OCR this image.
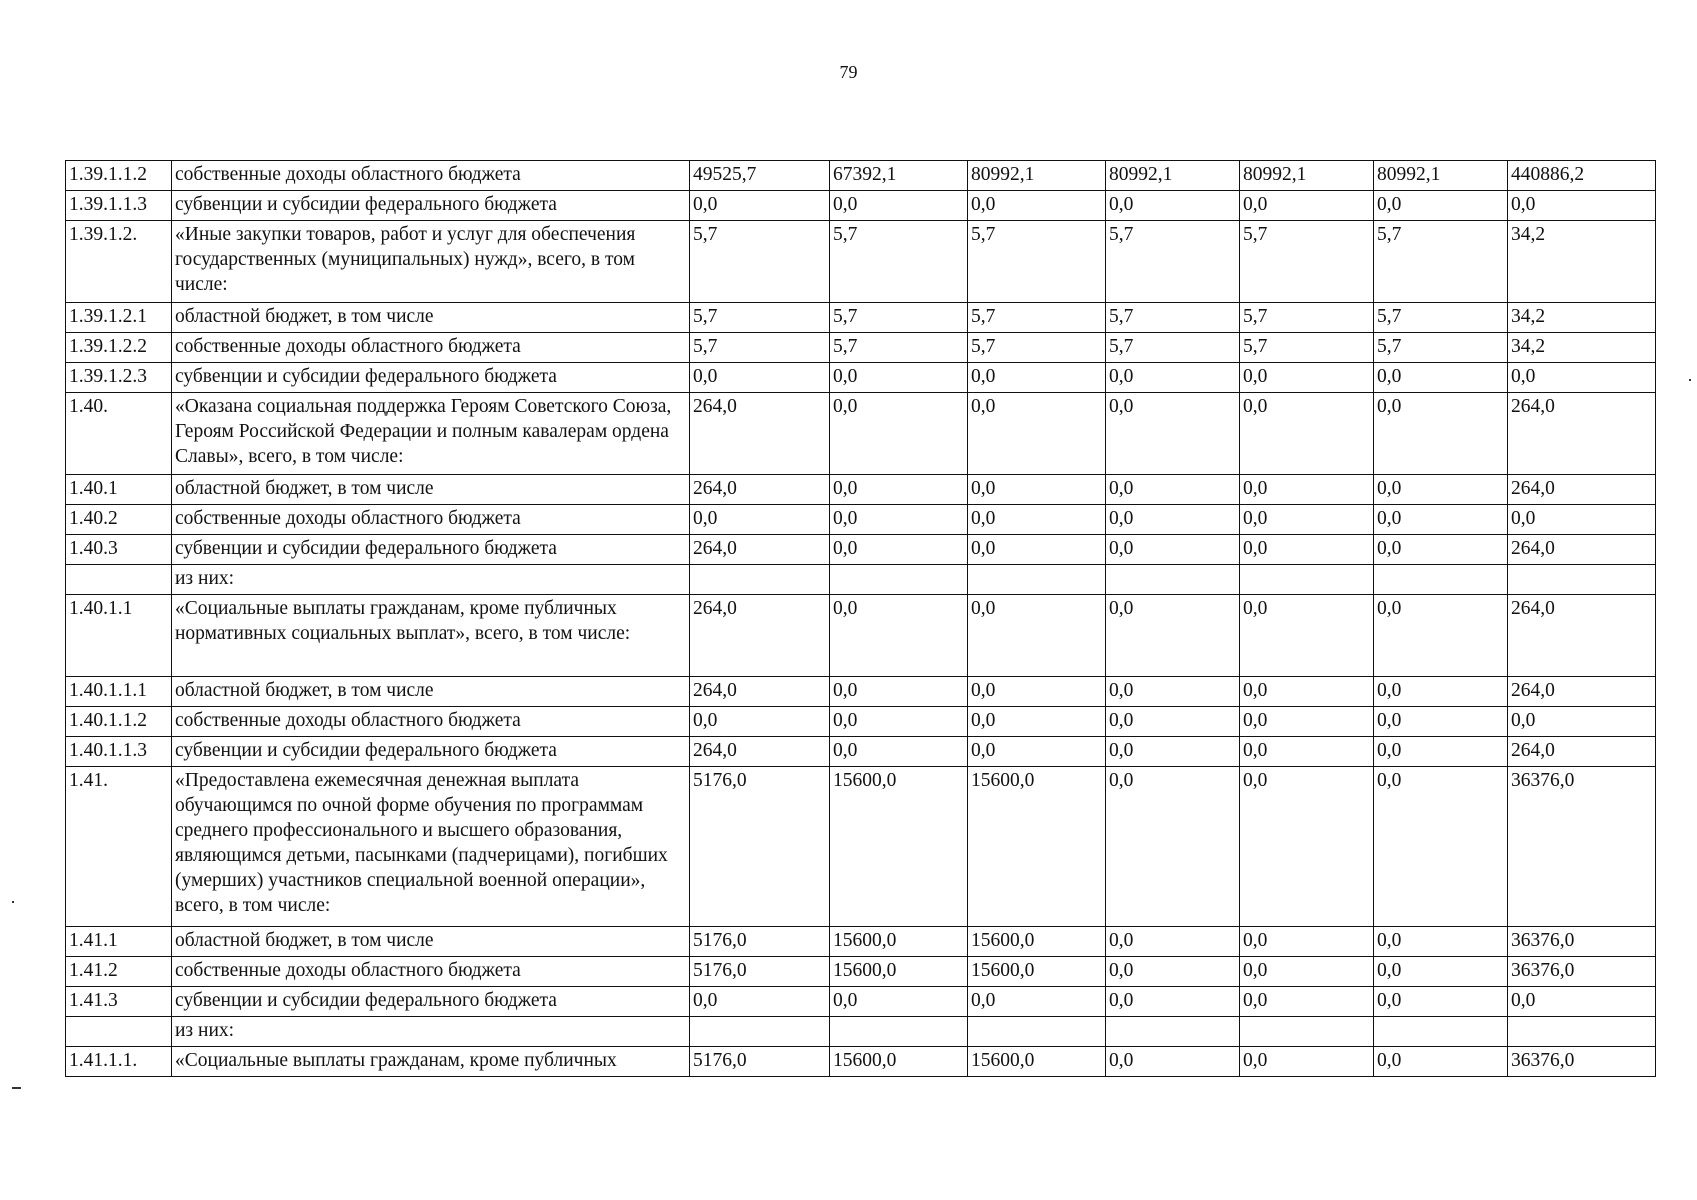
79
1.39.1.1.2	собственные доходы областного бюджета	49525,7	67392,1	80992,1	80992,1	80992,1	80992,1	440886,2
1.39.1.1.3	субвенции и субсидии федерального бюджета	0,0	0,0	0,0	0,0	0,0	0,0	0,0
1.39.1.2.	«Иные закупки товаров, работ и услуг для обеспечения государственных (муниципальных) нужд», всего, в том числе:	5,7	5,7	5,7	5,7	5,7	5,7	34,2
1.39.1.2.1	областной бюджет, в том числе	5,7	5,7	5,7	5,7	5,7	5,7	34,2
1.39.1.2.2	собственные доходы областного бюджета	5,7	5,7	5,7	5,7	5,7	5,7	34,2
1.39.1.2.3	субвенции и субсидии федерального бюджета	0,0	0,0	0,0	0,0	0,0	0,0	0,0
1.40.	«Оказана социальная поддержка Героям Советского Союза, Героям Российской Федерации и полным кавалерам ордена Славы», всего, в том числе:	264,0	0,0	0,0	0,0	0,0	0,0	264,0
1.40.1	областной бюджет, в том числе	264,0	0,0	0,0	0,0	0,0	0,0	264,0
1.40.2	собственные доходы областного бюджета	0,0	0,0	0,0	0,0	0,0	0,0	0,0
1.40.3	субвенции и субсидии федерального бюджета	264,0	0,0	0,0	0,0	0,0	0,0	264,0
	из них:							
1.40.1.1	«Социальные выплаты гражданам, кроме публичных нормативных социальных выплат», всего, в том числе:	264,0	0,0	0,0	0,0	0,0	0,0	264,0
1.40.1.1.1	областной бюджет, в том числе	264,0	0,0	0,0	0,0	0,0	0,0	264,0
1.40.1.1.2	собственные доходы областного бюджета	0,0	0,0	0,0	0,0	0,0	0,0	0,0
1.40.1.1.3	субвенции и субсидии федерального бюджета	264,0	0,0	0,0	0,0	0,0	0,0	264,0
1.41.	«Предоставлена ежемесячная денежная выплата обучающимся по очной форме обучения по программам среднего профессионального и высшего образования, являющимся детьми, пасынками (падчерицами), погибших (умерших) участников специальной военной операции», всего, в том числе:	5176,0	15600,0	15600,0	0,0	0,0	0,0	36376,0
1.41.1	областной бюджет, в том числе	5176,0	15600,0	15600,0	0,0	0,0	0,0	36376,0
1.41.2	собственные доходы областного бюджета	5176,0	15600,0	15600,0	0,0	0,0	0,0	36376,0
1.41.3	субвенции и субсидии федерального бюджета	0,0	0,0	0,0	0,0	0,0	0,0	0,0
	из них:							
1.41.1.1.	«Социальные выплаты гражданам, кроме публичных	5176,0	15600,0	15600,0	0,0	0,0	0,0	36376,0
